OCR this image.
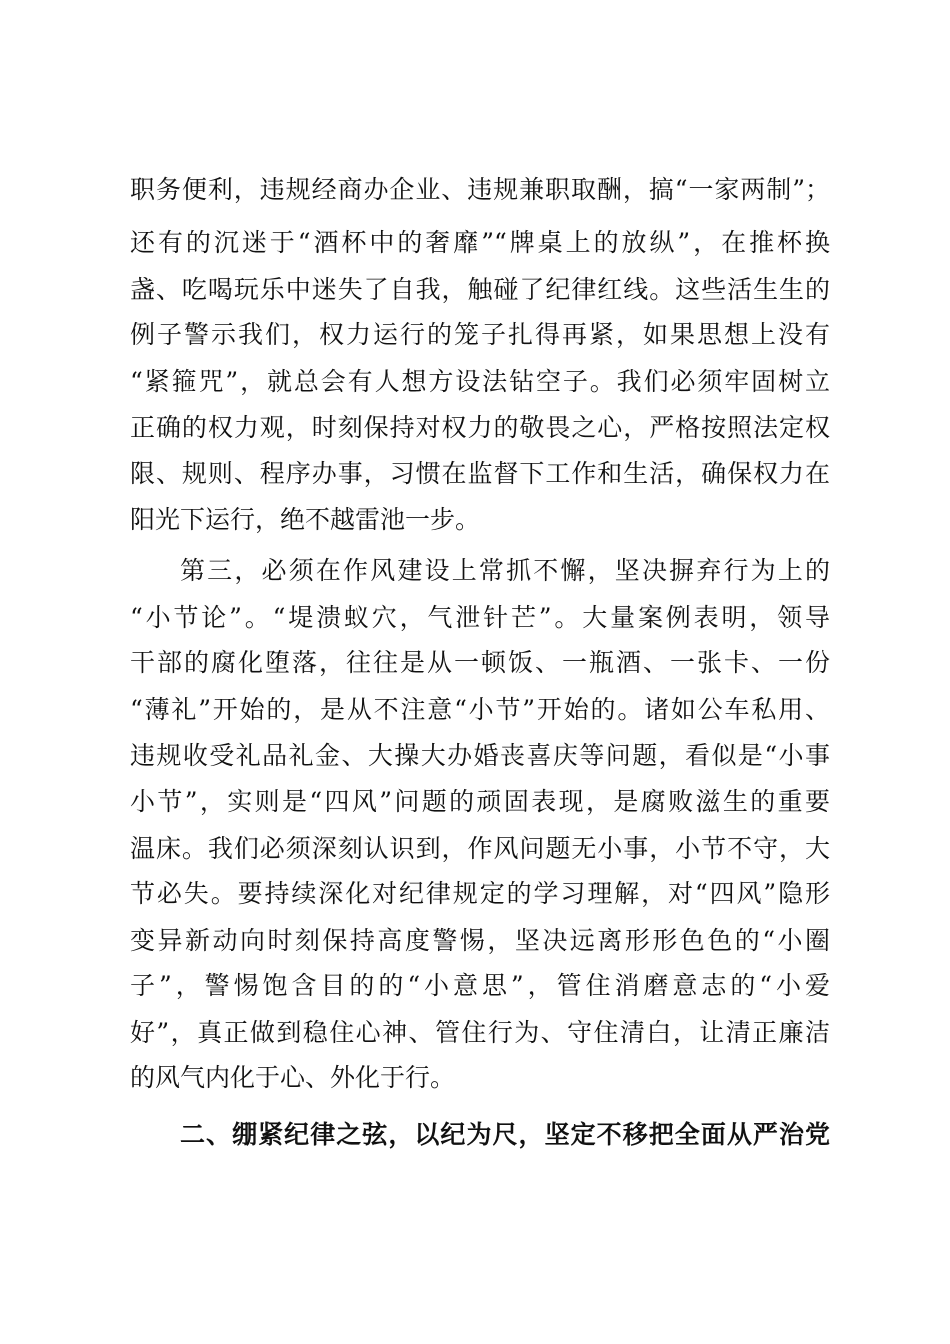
职务便利，违规经商办企业、违规兼职取酬，搞“一家两制”；

还有的沉迷于“酒杯中的奢靡”“牌桌上的放纵”，在推杯换

盏、吃喝玩乐中迷失了自我，触碰了纪律红线。这些活生生的

例子警示我们，权力运行的笼子扎得再紧，如果思想上没有

“紧箍咒”，就总会有人想方设法钻空子。我们必须牢固树立

正确的权力观，时刻保持对权力的敬畏之心，严格按照法定权

限、规则、程序办事，习惯在监督下工作和生活，确保权力在

阳光下运行，绝不越雷池一步。

第三，必须在作风建设上常抓不懈，坚决摒弃行为上的

“小节论”。“堤溃蚁穴，气泄针芒”。大量案例表明，领导

干部的腐化堕落，往往是从一顿饭、一瓶酒、一张卡、一份

“薄礼”开始的，是从不注意“小节”开始的。诸如公车私用、

违规收受礼品礼金、大操大办婚丧喜庆等问题，看似是“小事

小节”，实则是“四风”问题的顽固表现，是腐败滋生的重要

温床。我们必须深刻认识到，作风问题无小事，小节不守，大

节必失。要持续深化对纪律规定的学习理解，对“四风”隐形

变异新动向时刻保持高度警惕，坚决远离形形色色的“小圈

子”，警惕饱含目的的“小意思”，管住消磨意志的“小爱

好”，真正做到稳住心神、管住行为、守住清白，让清正廉洁

的风气内化于心、外化于行。

二、绷紧纪律之弦，以纪为尺，坚定不移把全面从严治党
